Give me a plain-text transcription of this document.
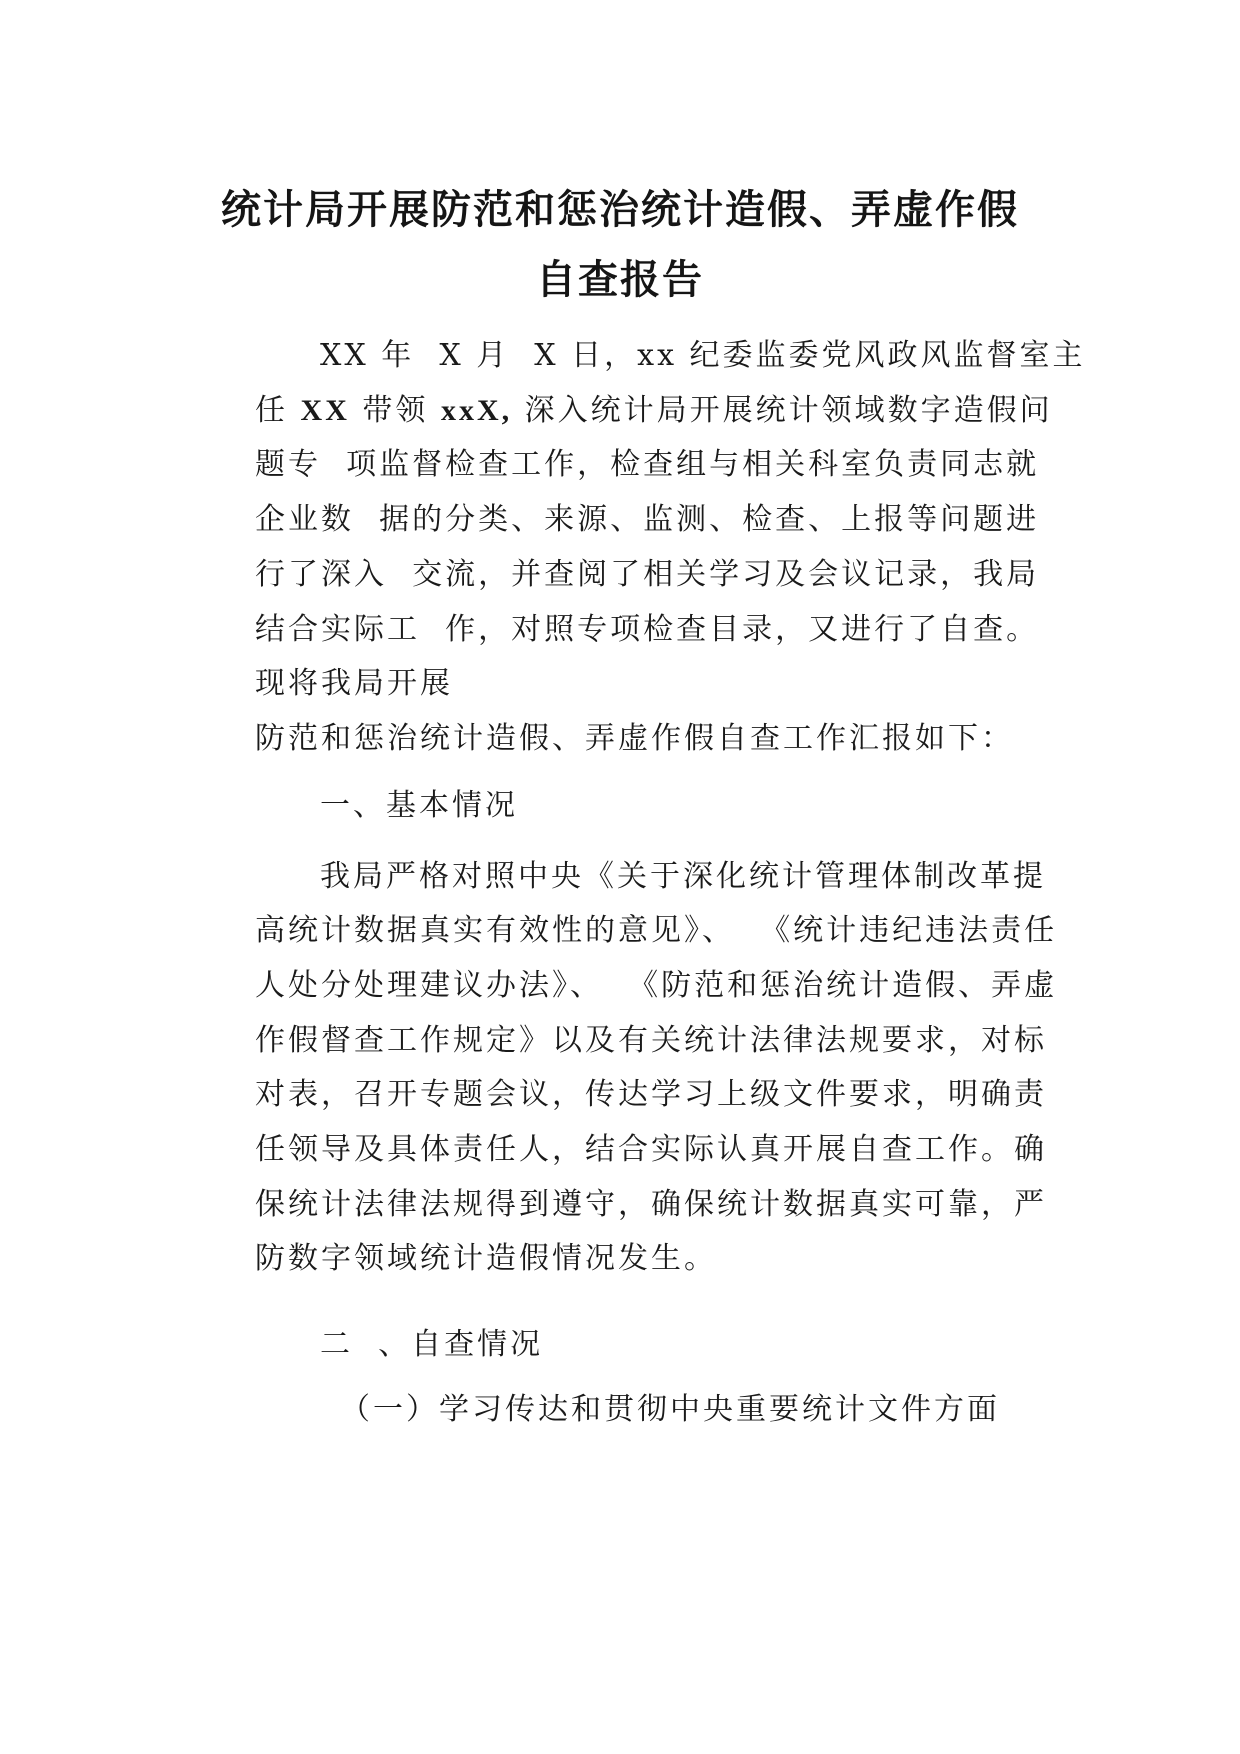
统计局开展防范和惩治统计造假、弄虚作假
自查报告
XX 年  X 月  X 日，xx 纪委监委党风政风监督室主
任 XX 带领 xxX, 深入统计局开展统计领域数字造假问
题专  项监督检查工作，检查组与相关科室负责同志就
企业数  据的分类、来源、监测、检查、上报等问题进
行了深入  交流，并查阅了相关学习及会议记录，我局
结合实际工  作，对照专项检查目录，又进行了自查。
现将我局开展
防范和惩治统计造假、弄虚作假自查工作汇报如下：
一、基本情况
我局严格对照中央《关于深化统计管理体制改革提
高统计数据真实有效性的意见》、  《统计违纪违法责任
人处分处理建议办法》、  《防范和惩治统计造假、弄虚
作假督查工作规定》以及有关统计法律法规要求，对标
对表，召开专题会议，传达学习上级文件要求，明确责
任领导及具体责任人，结合实际认真开展自查工作。确
保统计法律法规得到遵守，确保统计数据真实可靠，严
防数字领域统计造假情况发生。
二  、自查情况
（一）学习传达和贯彻中央重要统计文件方面
